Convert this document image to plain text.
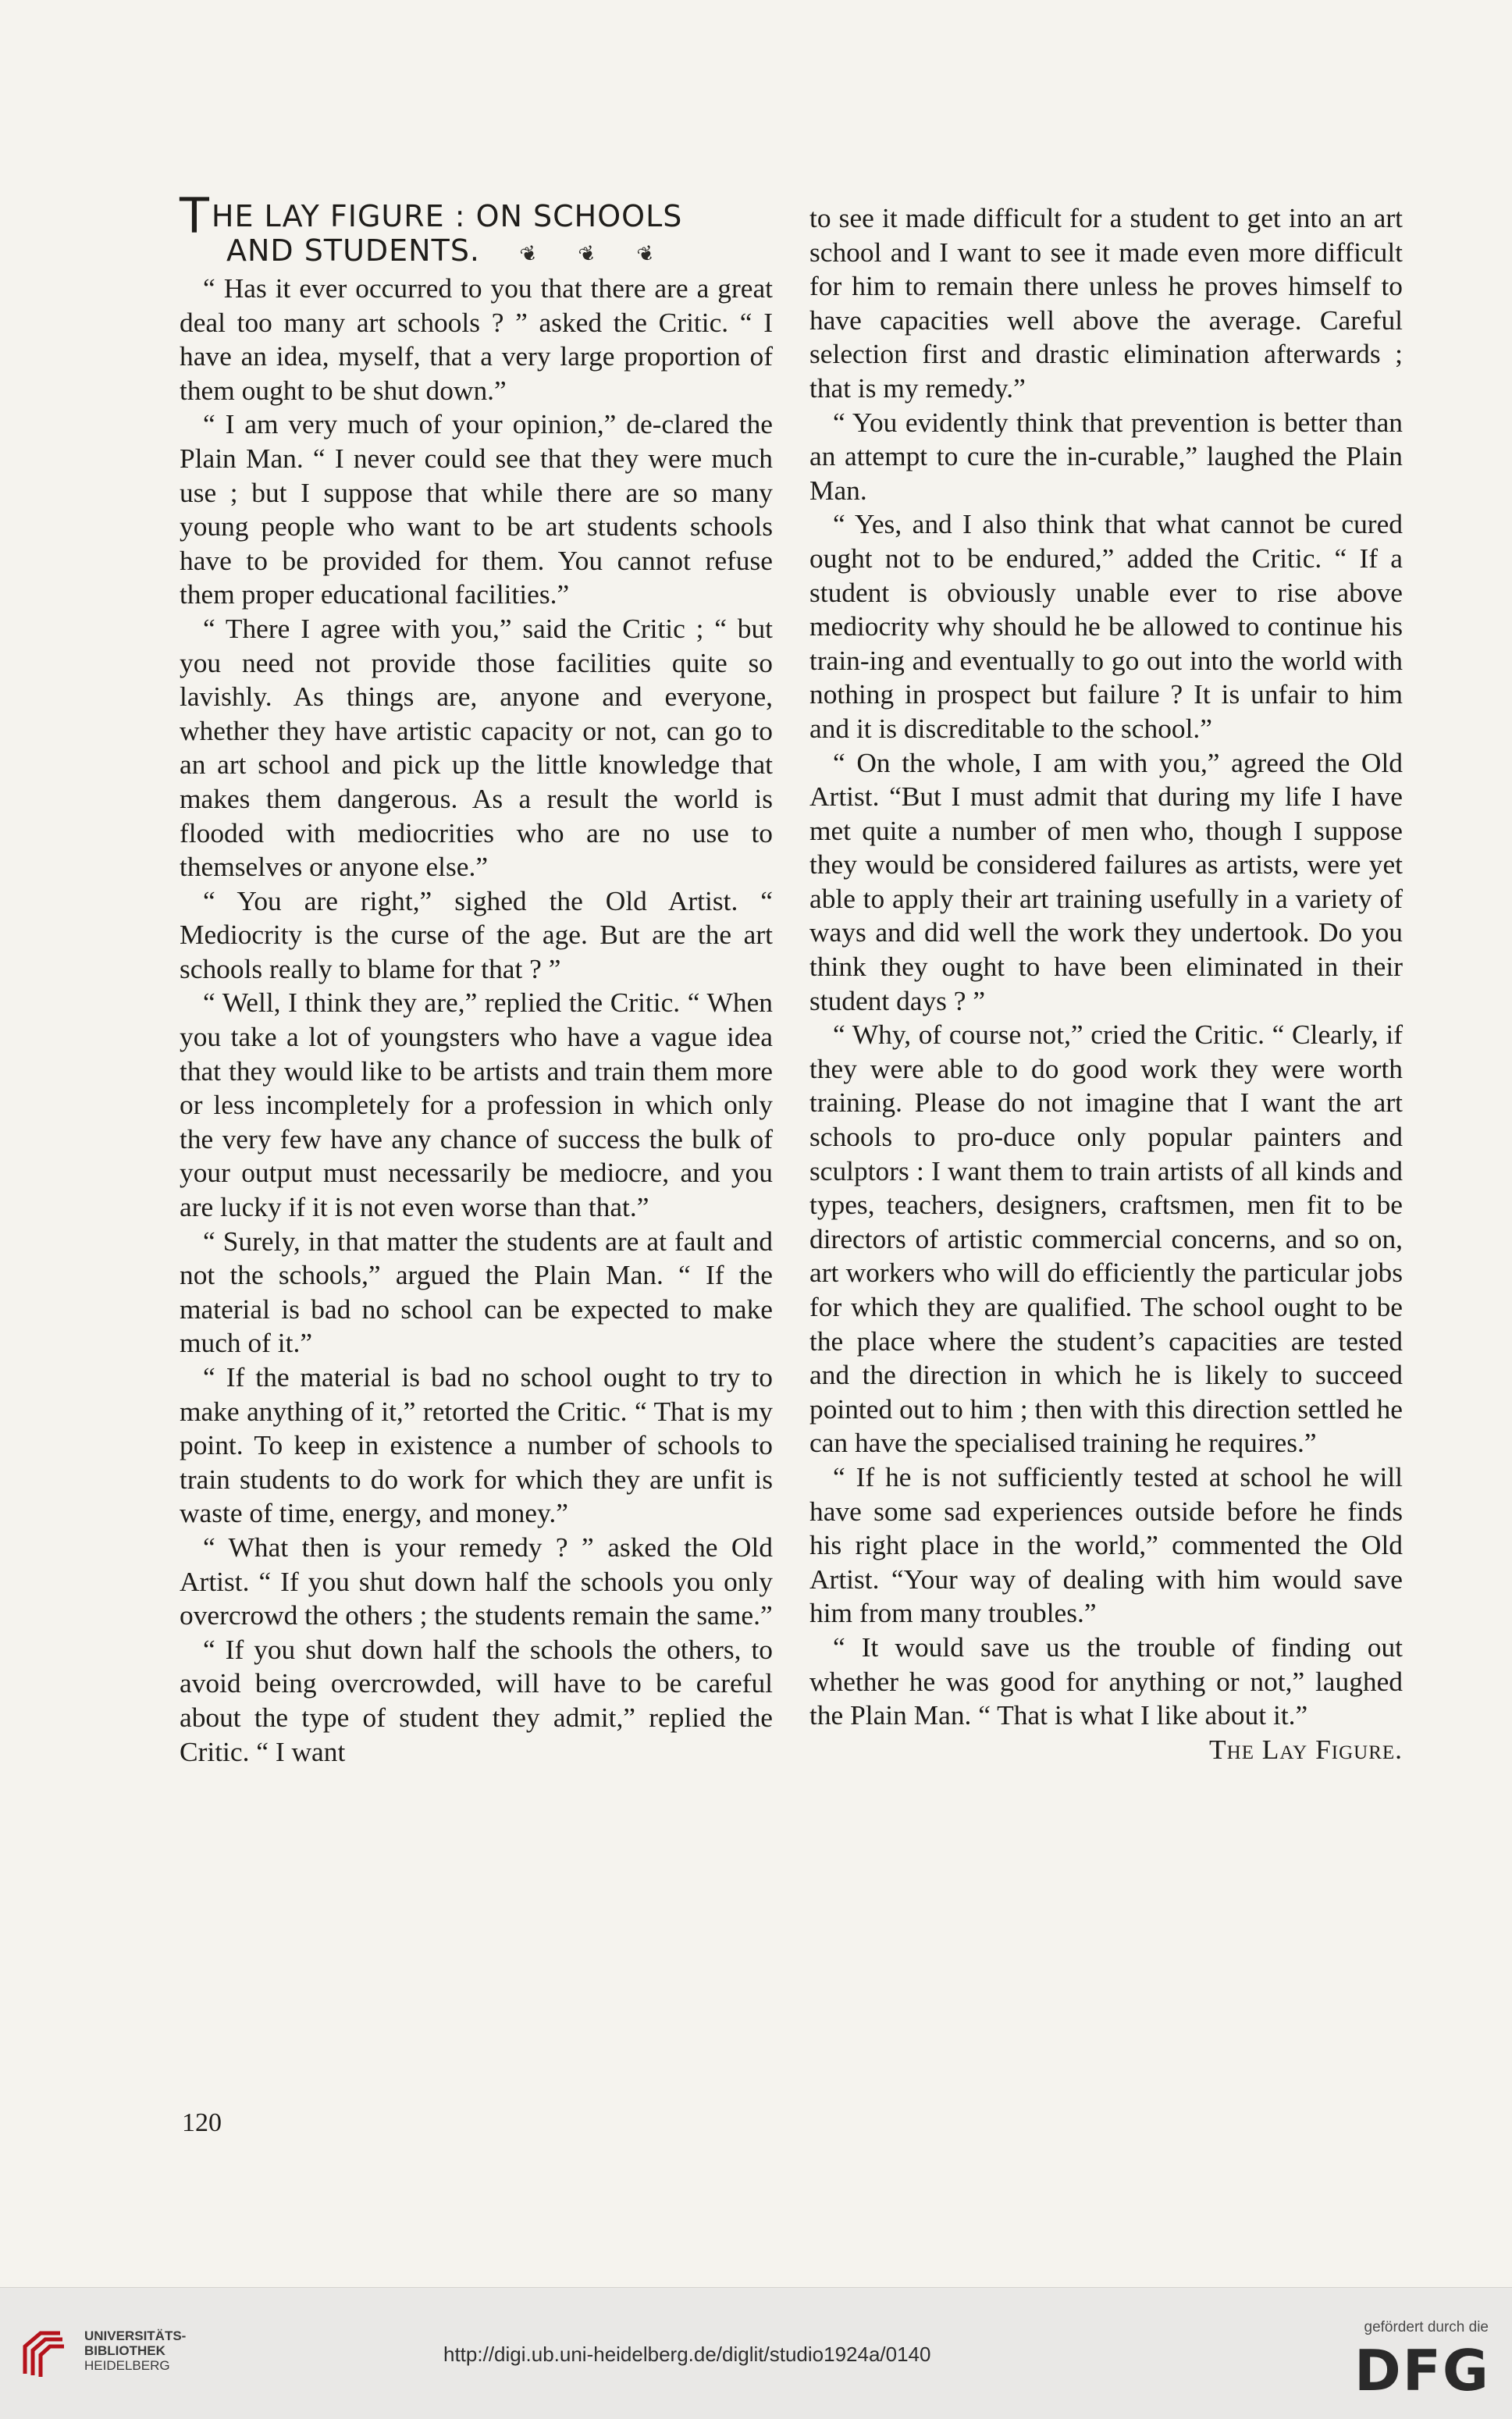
THE LAY FIGURE : ON SCHOOLS
AND STUDENTS. ❦ ❦ ❦

“ Has it ever occurred to you that there are a great deal too many art schools ? ” asked the Critic. “ I have an idea, myself, that a very large proportion of them ought to be shut down.”

“ I am very much of your opinion,” de-clared the Plain Man. “ I never could see that they were much use ; but I suppose that while there are so many young people who want to be art students schools have to be provided for them. You cannot refuse them proper educational facilities.”

“ There I agree with you,” said the Critic ; “ but you need not provide those facilities quite so lavishly. As things are, anyone and everyone, whether they have artistic capacity or not, can go to an art school and pick up the little knowledge that makes them dangerous. As a result the world is flooded with mediocrities who are no use to themselves or anyone else.”

“ You are right,” sighed the Old Artist. “ Mediocrity is the curse of the age. But are the art schools really to blame for that ? ”

“ Well, I think they are,” replied the Critic. “ When you take a lot of youngsters who have a vague idea that they would like to be artists and train them more or less incompletely for a profession in which only the very few have any chance of success the bulk of your output must necessarily be mediocre, and you are lucky if it is not even worse than that.”

“ Surely, in that matter the students are at fault and not the schools,” argued the Plain Man. “ If the material is bad no school can be expected to make much of it.”

“ If the material is bad no school ought to try to make anything of it,” retorted the Critic. “ That is my point. To keep in existence a number of schools to train students to do work for which they are unfit is waste of time, energy, and money.”

“ What then is your remedy ? ” asked the Old Artist. “ If you shut down half the schools you only overcrowd the others ; the students remain the same.”

“ If you shut down half the schools the others, to avoid being overcrowded, will have to be careful about the type of student they admit,” replied the Critic. “ I want

to see it made difficult for a student to get into an art school and I want to see it made even more difficult for him to remain there unless he proves himself to have capacities well above the average. Careful selection first and drastic elimination afterwards ; that is my remedy.”

“ You evidently think that prevention is better than an attempt to cure the in-curable,” laughed the Plain Man.

“ Yes, and I also think that what cannot be cured ought not to be endured,” added the Critic. “ If a student is obviously unable ever to rise above mediocrity why should he be allowed to continue his train-ing and eventually to go out into the world with nothing in prospect but failure ? It is unfair to him and it is discreditable to the school.”

“ On the whole, I am with you,” agreed the Old Artist. “But I must admit that during my life I have met quite a number of men who, though I suppose they would be considered failures as artists, were yet able to apply their art training usefully in a variety of ways and did well the work they undertook. Do you think they ought to have been eliminated in their student days ? ”

“ Why, of course not,” cried the Critic. “ Clearly, if they were able to do good work they were worth training. Please do not imagine that I want the art schools to pro-duce only popular painters and sculptors : I want them to train artists of all kinds and types, teachers, designers, craftsmen, men fit to be directors of artistic commercial concerns, and so on, art workers who will do efficiently the particular jobs for which they are qualified. The school ought to be the place where the student’s capacities are tested and the direction in which he is likely to succeed pointed out to him ; then with this direction settled he can have the specialised training he requires.”

“ If he is not sufficiently tested at school he will have some sad experiences outside before he finds his right place in the world,” commented the Old Artist. “Your way of dealing with him would save him from many troubles.”

“ It would save us the trouble of finding out whether he was good for anything or not,” laughed the Plain Man. “ That is what I like about it.”

The Lay Figure.

120
UNIVERSITÄTS-
BIBLIOTHEK
HEIDELBERG	http://digi.ub.uni-heidelberg.de/diglit/studio1924a/0140
gefördert durch die
DFG
